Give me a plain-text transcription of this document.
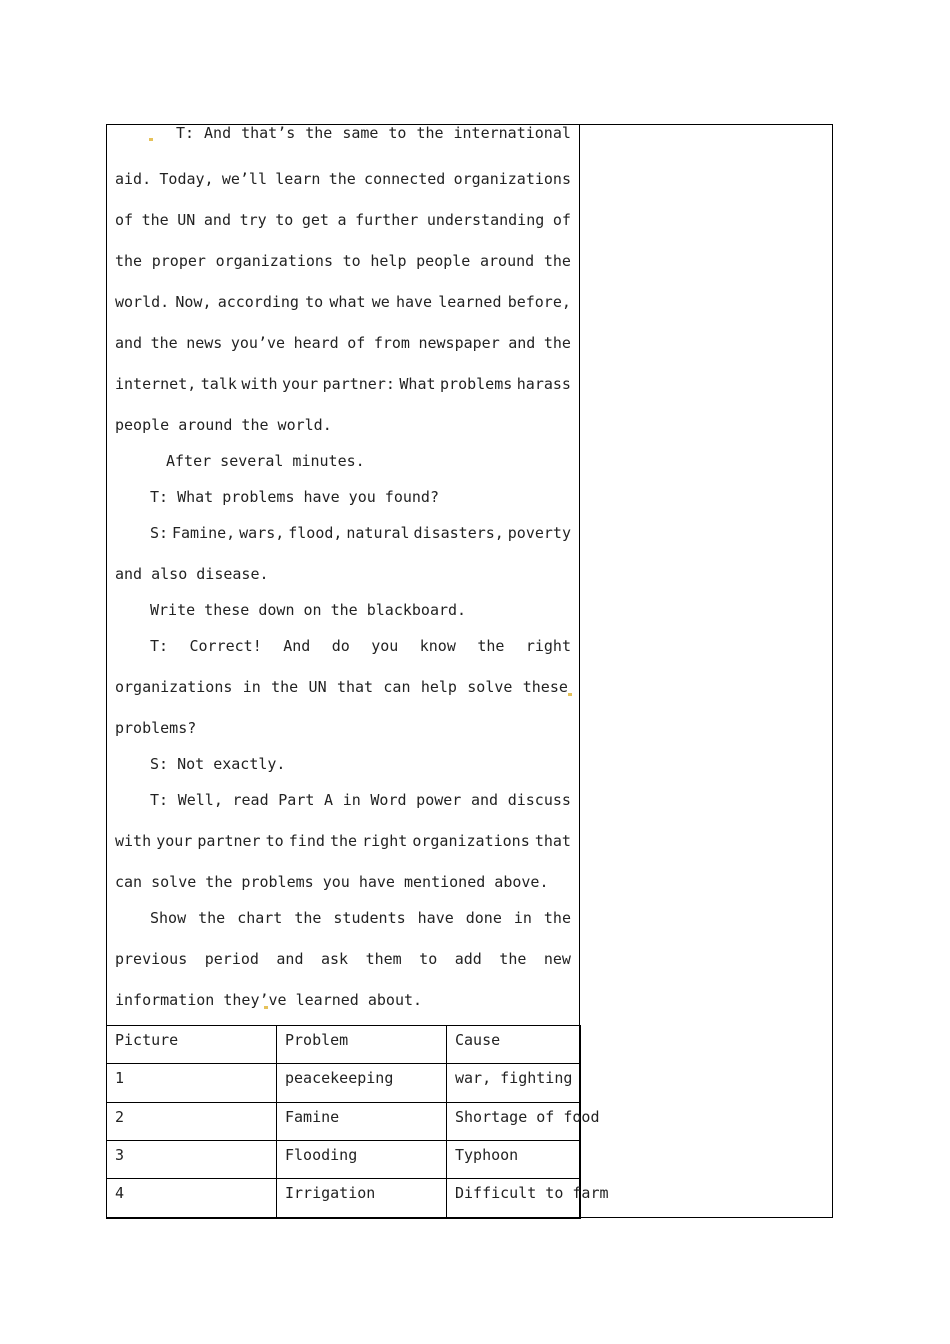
T: And that’s the same to the international
aid. Today, we’ll learn the connected organizations
of the UN and try to get a further understanding of
the proper organizations to help people around the
world. Now, according to what we have learned before,
and the news you’ve heard of from newspaper and the
internet, talk with your partner: What problems harass
people around the world.
After several minutes.
T: What problems have you found?
S: Famine, wars, flood, natural disasters, poverty
and also disease.
Write these down on the blackboard.
T: Correct! And do you know the right
organizations in the UN that can help solve these
problems?
S: Not exactly.
T: Well, read Part A in Word power and discuss
with your partner to find the right organizations that
can solve the problems you have mentioned above.
Show the chart the students have done in the
previous period and ask them to add the new
information they’ve learned about.
Picture	Problem	Cause
1	peacekeeping	war, fighting
2	Famine	Shortage of food
3	Flooding	Typhoon
4	Irrigation	Difficult to farm
